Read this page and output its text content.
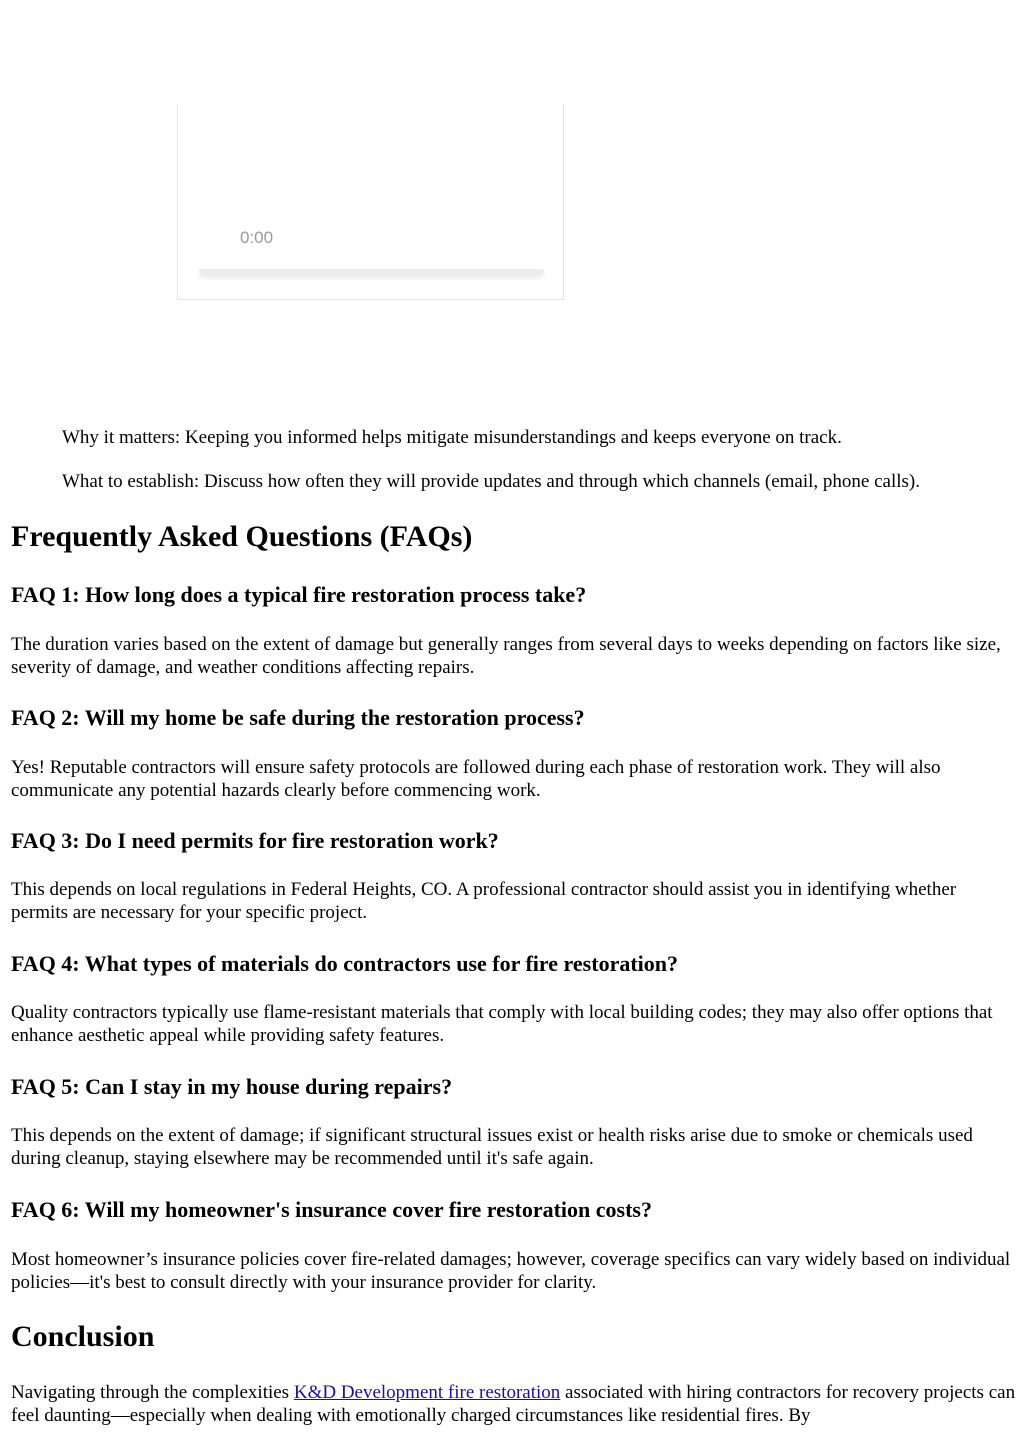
0:00

Why it matters: Keeping you informed helps mitigate misunderstandings and keeps everyone on track.

What to establish: Discuss how often they will provide updates and through which channels (email, phone calls).

Frequently Asked Questions (FAQs)
FAQ 1: How long does a typical fire restoration process take?

The duration varies based on the extent of damage but generally ranges from several days to weeks depending on factors like size, severity of damage, and weather conditions affecting repairs.

FAQ 2: Will my home be safe during the restoration process?

Yes! Reputable contractors will ensure safety protocols are followed during each phase of restoration work. They will also communicate any potential hazards clearly before commencing work.

FAQ 3: Do I need permits for fire restoration work?

This depends on local regulations in Federal Heights, CO. A professional contractor should assist you in identifying whether permits are necessary for your specific project.

FAQ 4: What types of materials do contractors use for fire restoration?

Quality contractors typically use flame-resistant materials that comply with local building codes; they may also offer options that enhance aesthetic appeal while providing safety features.

FAQ 5: Can I stay in my house during repairs?

This depends on the extent of damage; if significant structural issues exist or health risks arise due to smoke or chemicals used during cleanup, staying elsewhere may be recommended until it's safe again.

FAQ 6: Will my homeowner's insurance cover fire restoration costs?

Most homeowner’s insurance policies cover fire-related damages; however, coverage specifics can vary widely based on individual policies—it's best to consult directly with your insurance provider for clarity.

Conclusion

Navigating through the complexities K&D Development fire restoration associated with hiring contractors for recovery projects can feel daunting—especially when dealing with emotionally charged circumstances like residential fires. By
